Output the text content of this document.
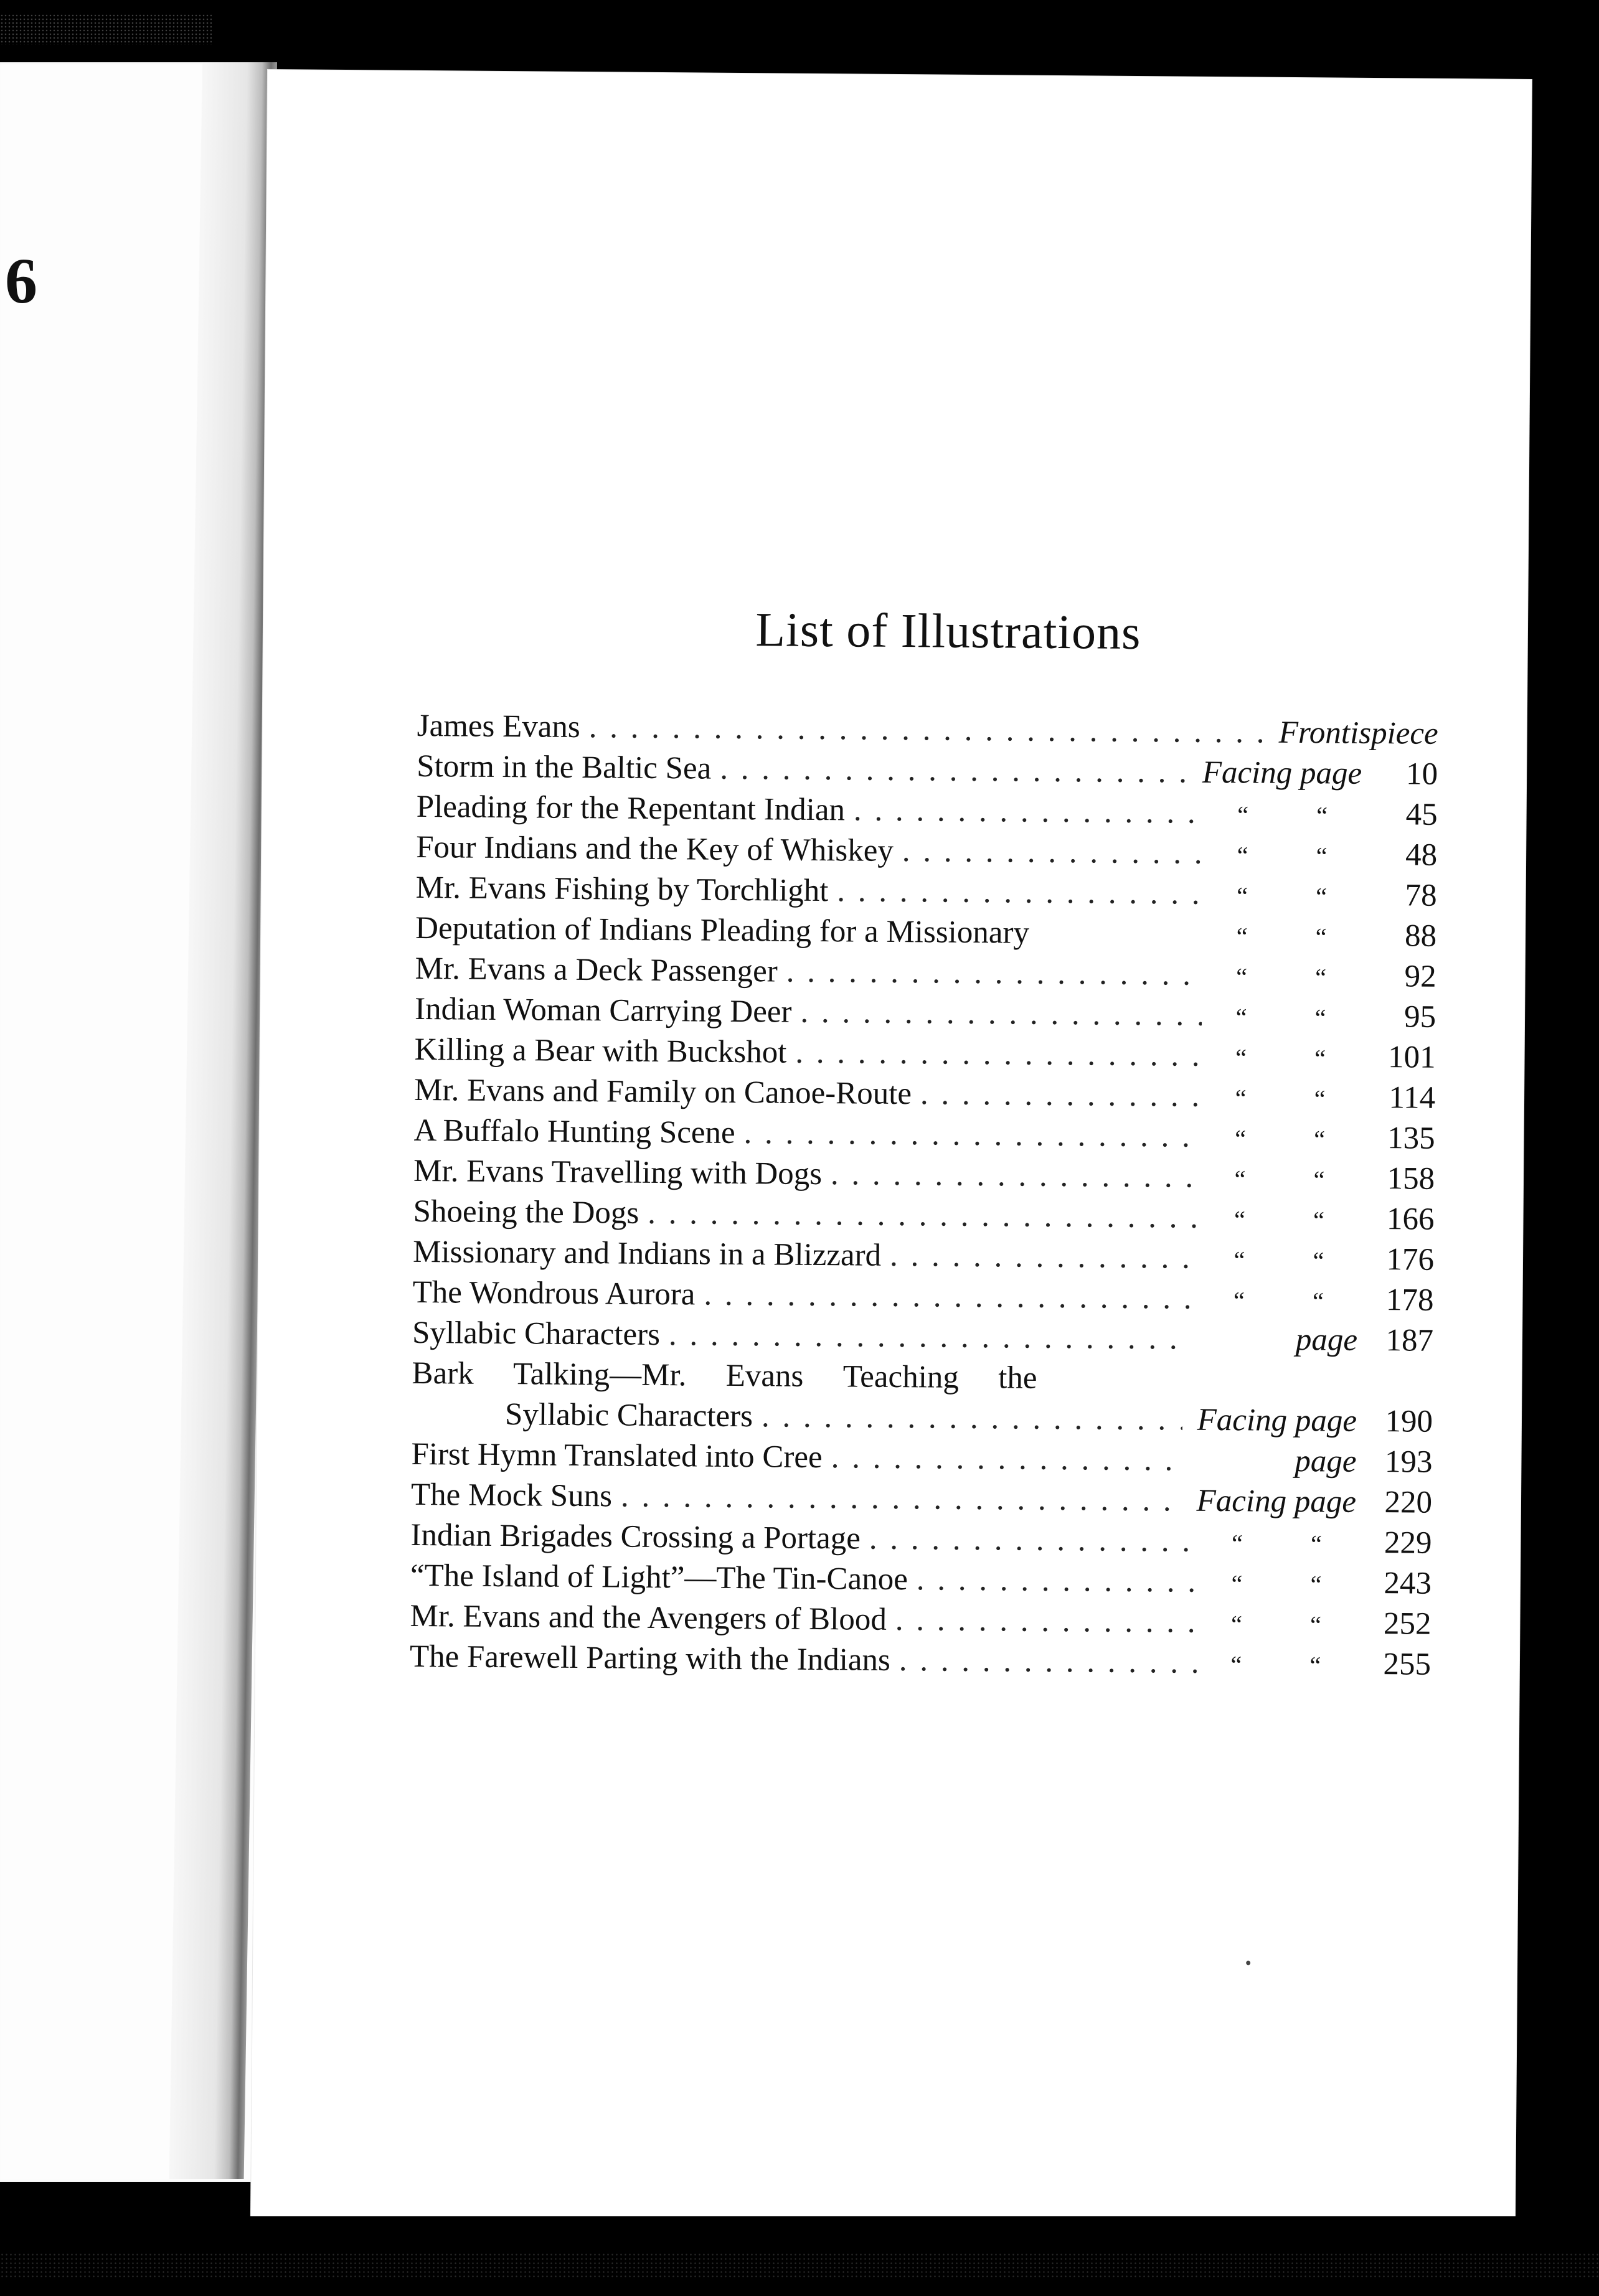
6
List of Illustrations
James Evans . . .	Frontispiece
Storm in the Baltic Sea . . .	Facing page	10
Pleading for the Repentant Indian . . .	“	“	45
Four Indians and the Key of Whiskey . . .	“	“	48
Mr. Evans Fishing by Torchlight . . .	“	“	78
Deputation of Indians Pleading for a Missionary . . .	“	“	88
Mr. Evans a Deck Passenger . . .	“	“	92
Indian Woman Carrying Deer . . .	“	“	95
Killing a Bear with Buckshot . . .	“	“	101
Mr. Evans and Family on Canoe-Route . . .	“	“	114
A Buffalo Hunting Scene . . .	“	“	135
Mr. Evans Travelling with Dogs . . .	“	“	158
Shoeing the Dogs . . .	“	“	166
Missionary and Indians in a Blizzard . . .	“	“	176
The Wondrous Aurora . . .	“	“	178
Syllabic Characters . . .	page 187
Bark Talking—Mr. Evans Teaching the
Syllabic Characters . . .	Facing page 190
First Hymn Translated into Cree . . .	page 193
The Mock Suns . . .	Facing page 220
Indian Brigades Crossing a Portage . . .	“	“	229
“The Island of Light”—The Tin-Canoe . . .	“	“	243
Mr. Evans and the Avengers of Blood . . .	“	“	252
The Farewell Parting with the Indians . . .	“	“	255
